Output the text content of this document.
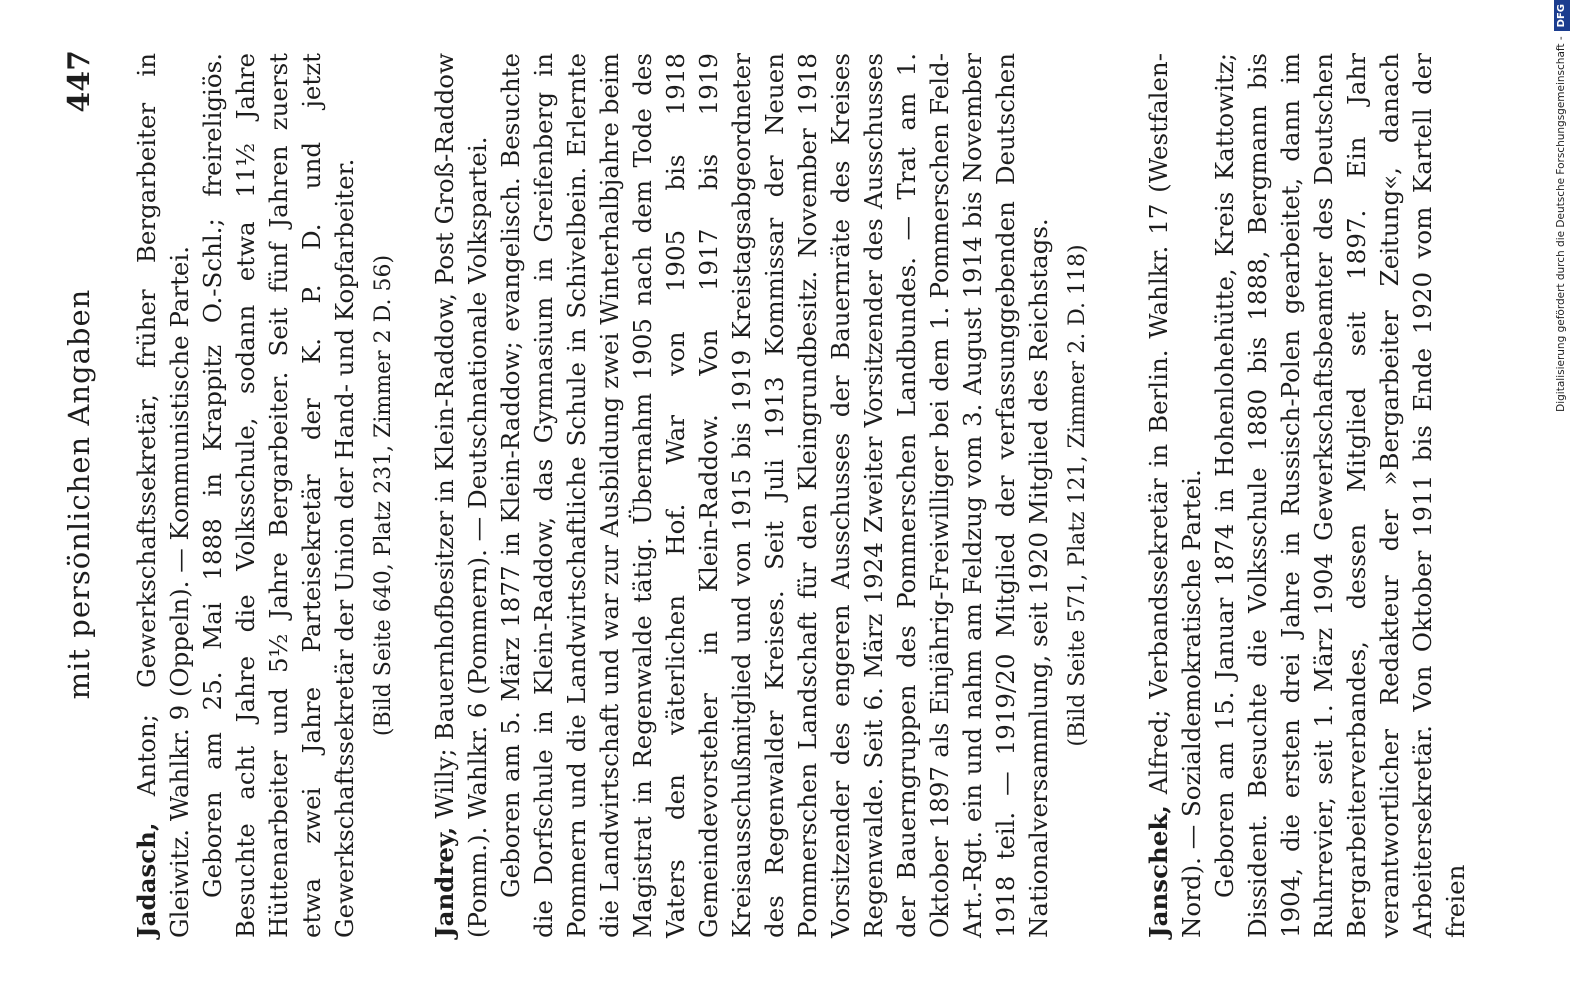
mit persönlichen Angaben
447

Jadasch, Anton; Gewerkschaftssekretär, früher Bergarbeiter in Gleiwitz. Wahlkr. 9 (Oppeln). — Kommunistische Partei. Geboren am 25. Mai 1888 in Krappitz O.-Schl.; freireligiös. Besuchte acht Jahre die Volksschule, sodann etwa 11½ Jahre Hüttenarbeiter und 5½ Jahre Bergarbeiter. Seit fünf Jahren zuerst etwa zwei Jahre Parteisekretär der K. P. D. und jetzt Gewerkschaftssekretär der Union der Hand- und Kopfarbeiter. (Bild Seite 640, Platz 231, Zimmer 2 D. 56)

Jandrey, Willy; Bauernhofbesitzer in Klein-Raddow, Post Groß-Raddow (Pomm.). Wahlkr. 6 (Pommern). — Deutschnationale Volkspartei. Geboren am 5. März 1877 in Klein-Raddow; evangelisch. Besuchte die Dorfschule in Klein-Raddow, das Gymnasium in Greifenberg in Pommern und die Landwirtschaftliche Schule in Schivelbein. Erlernte die Landwirtschaft und war zur Ausbildung zwei Winterhalbjahre beim Magistrat in Regenwalde tätig. Übernahm 1905 nach dem Tode des Vaters den väterlichen Hof. War von 1905 bis 1918 Gemeindevorsteher in Klein-Raddow. Von 1917 bis 1919 Kreisausschußmitglied und von 1915 bis 1919 Kreistagsabgeordneter des Regenwalder Kreises. Seit Juli 1913 Kommissar der Neuen Pommerschen Landschaft für den Kleingrundbesitz. November 1918 Vorsitzender des engeren Ausschusses der Bauernräte des Kreises Regenwalde. Seit 6. März 1924 Zweiter Vorsitzender des Ausschusses der Bauerngruppen des Pommerschen Landbundes. — Trat am 1. Oktober 1897 als Einjährig-Freiwilliger bei dem 1. Pommerschen Feld-Art.-Rgt. ein und nahm am Feldzug vom 3. August 1914 bis November 1918 teil. — 1919/20 Mitglied der verfassunggebenden Deutschen Nationalversammlung, seit 1920 Mitglied des Reichstags. (Bild Seite 571, Platz 121, Zimmer 2. D. 118)

Janschek, Alfred; Verbandssekretär in Berlin. Wahlkr. 17 (Westfalen-Nord). — Sozialdemokratische Partei. Geboren am 15. Januar 1874 in Hohenlohehütte, Kreis Kattowitz; Dissident. Besuchte die Volksschule 1880 bis 1888, Bergmann bis 1904, die ersten drei Jahre in Russisch-Polen gearbeitet, dann im Ruhrrevier, seit 1. März 1904 Gewerkschaftsbeamter des Deutschen Bergarbeiterverbandes, dessen Mitglied seit 1897. Ein Jahr verantwortlicher Redakteur der »Bergarbeiter Zeitung«, danach Arbeitersekretär. Von Oktober 1911 bis Ende 1920 vom Kartell der freien

Digitalisierung gefördert durch die Deutsche Forschungsgemeinschaft -DFG
